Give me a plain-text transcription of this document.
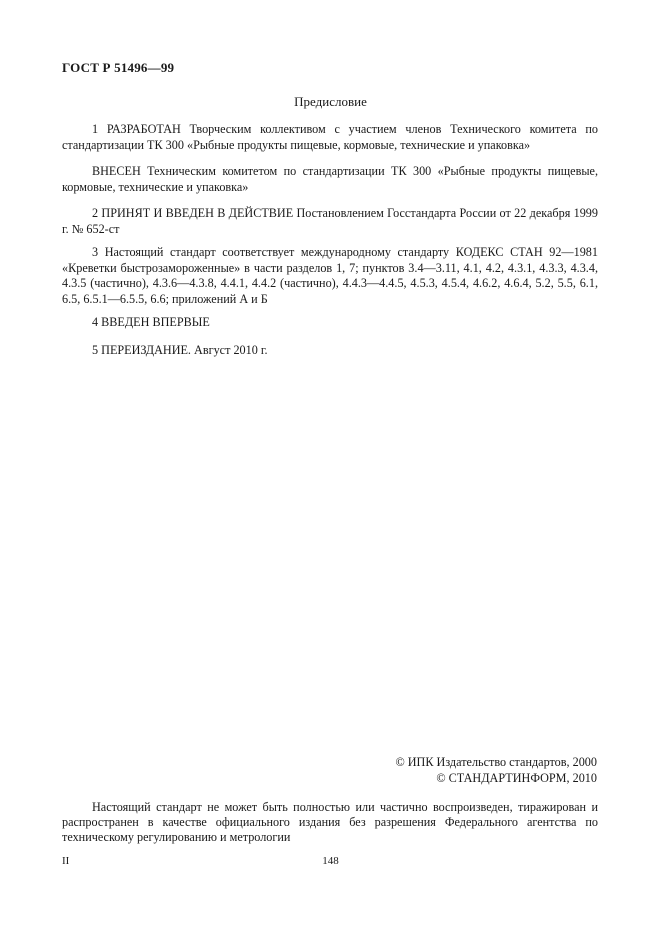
ГОСТ Р 51496—99
Предисловие

1 РАЗРАБОТАН Творческим коллективом с участием членов Технического комитета по стандартизации ТК 300 «Рыбные продукты пищевые, кормовые, технические и упаковка»

ВНЕСЕН Техническим комитетом по стандартизации ТК 300 «Рыбные продукты пищевые, кормовые, технические и упаковка»

2 ПРИНЯТ И ВВЕДЕН В ДЕЙСТВИЕ Постановлением Госстандарта России от 22 декабря 1999 г. № 652-ст

3 Настоящий стандарт соответствует международному стандарту КОДЕКС СТАН 92—1981 «Креветки быстрозамороженные» в части разделов 1, 7; пунктов 3.4—3.11, 4.1, 4.2, 4.3.1, 4.3.3, 4.3.4, 4.3.5 (частично), 4.3.6—4.3.8, 4.4.1, 4.4.2 (частично), 4.4.3—4.4.5, 4.5.3, 4.5.4, 4.6.2, 4.6.4, 5.2, 5.5, 6.1, 6.5, 6.5.1—6.5.5, 6.6; приложений А и Б

4 ВВЕДЕН ВПЕРВЫЕ

5 ПЕРЕИЗДАНИЕ. Август 2010 г.

© ИПК Издательство стандартов, 2000
© СТАНДАРТИНФОРМ, 2010

Настоящий стандарт не может быть полностью или частично воспроизведен, тиражирован и распространен в качестве официального издания без разрешения Федерального агентства по техническому регулированию и метрологии

II	148
